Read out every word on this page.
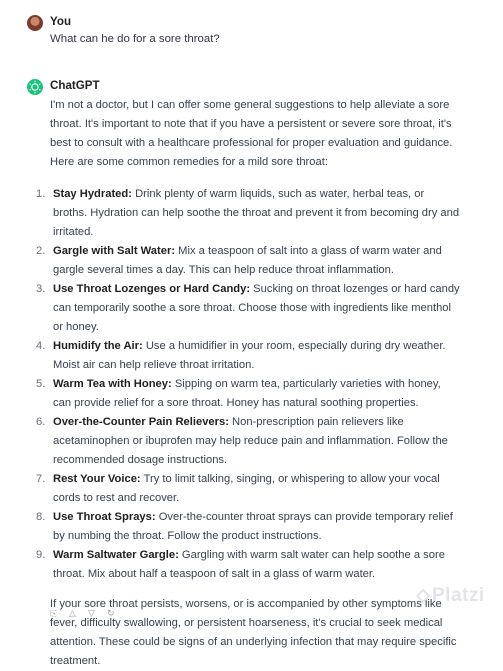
You
What can he do for a sore throat?
ChatGPT

I'm not a doctor, but I can offer some general suggestions to help alleviate a sore throat. It's important to note that if you have a persistent or severe sore throat, it's best to consult with a healthcare professional for proper evaluation and guidance. Here are some common remedies for a mild sore throat:

1. Stay Hydrated: Drink plenty of warm liquids, such as water, herbal teas, or broths. Hydration can help soothe the throat and prevent it from becoming dry and irritated.
2. Gargle with Salt Water: Mix a teaspoon of salt into a glass of warm water and gargle several times a day. This can help reduce throat inflammation.
3. Use Throat Lozenges or Hard Candy: Sucking on throat lozenges or hard candy can temporarily soothe a sore throat. Choose those with ingredients like menthol or honey.
4. Humidify the Air: Use a humidifier in your room, especially during dry weather. Moist air can help relieve throat irritation.
5. Warm Tea with Honey: Sipping on warm tea, particularly varieties with honey, can provide relief for a sore throat. Honey has natural soothing properties.
6. Over-the-Counter Pain Relievers: Non-prescription pain relievers like acetaminophen or ibuprofen may help reduce pain and inflammation. Follow the recommended dosage instructions.
7. Rest Your Voice: Try to limit talking, singing, or whispering to allow your vocal cords to rest and recover.
8. Use Throat Sprays: Over-the-counter throat sprays can provide temporary relief by numbing the throat. Follow the product instructions.
9. Warm Saltwater Gargle: Gargling with warm salt water can help soothe a sore throat. Mix about half a teaspoon of salt in a glass of warm water.

If your sore throat persists, worsens, or is accompanied by other symptoms like fever, difficulty swallowing, or persistent hoarseness, it's crucial to seek medical attention. These could be signs of an underlying infection that may require specific treatment.

⎘ △ ▽ ↻
Platzi
